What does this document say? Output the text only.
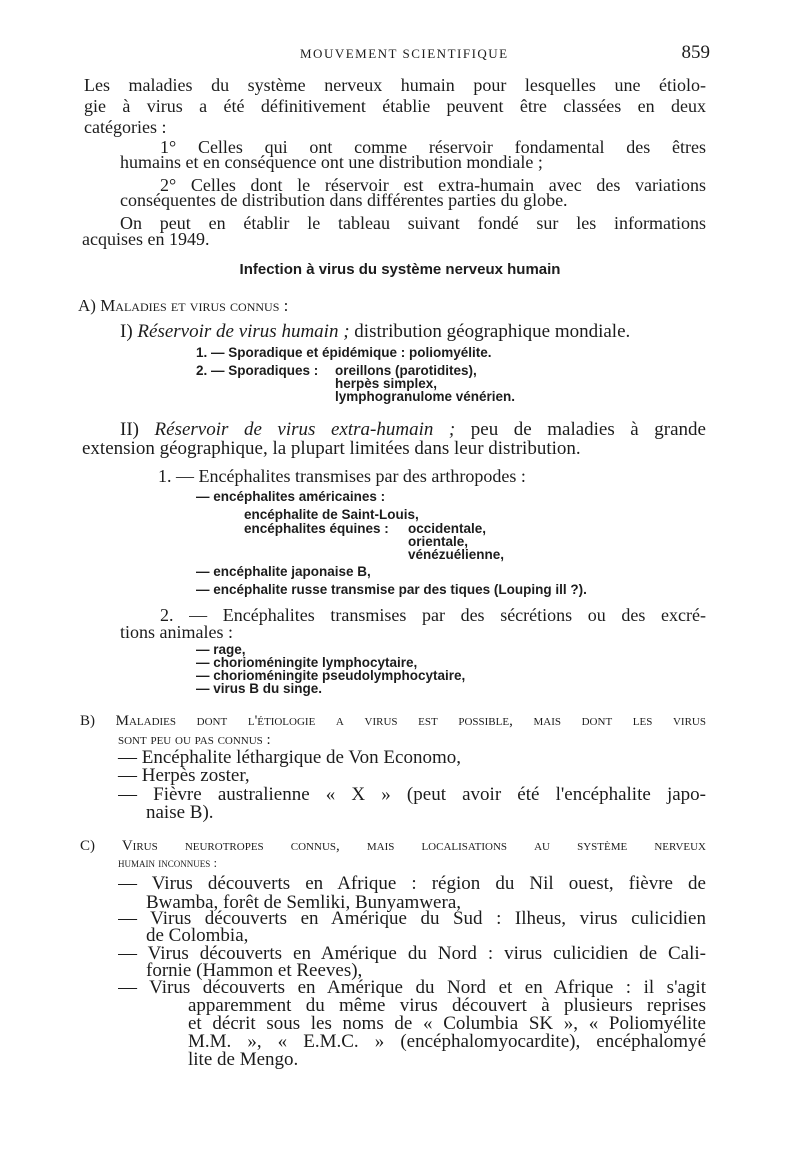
MOUVEMENT SCIENTIFIQUE	859
Les maladies du système nerveux humain pour lesquelles une étiolo-
gie à virus a été définitivement établie peuvent être classées en deux
catégories :
1° Celles qui ont comme réservoir fondamental des êtres
humains et en conséquence ont une distribution mondiale ;
2° Celles dont le réservoir est extra-humain avec des variations
conséquentes de distribution dans différentes parties du globe.
On peut en établir le tableau suivant fondé sur les informations
acquises en 1949.
Infection à virus du système nerveux humain
A) Maladies et virus connus :
I) Réservoir de virus humain ; distribution géographique mondiale.
1. — Sporadique et épidémique : poliomyélite.
2. — Sporadiques : oreillons (parotidites),
herpès simplex,
lymphogranulome vénérien.
II) Réservoir de virus extra-humain ; peu de maladies à grande
extension géographique, la plupart limitées dans leur distribution.
1. — Encéphalites transmises par des arthropodes :
— encéphalites américaines :
encéphalite de Saint-Louis,
encéphalites équines : occidentale,
orientale,
vénézuélienne,
— encéphalite japonaise B,
— encéphalite russe transmise par des tiques (Louping ill ?).
2. — Encéphalites transmises par des sécrétions ou des excré-
tions animales :
— rage,
— chorioméningite lymphocytaire,
— chorioméningite pseudolymphocytaire,
— virus B du singe.
B) Maladies dont l'étiologie a virus est possible, mais dont les virus
sont peu ou pas connus :
— Encéphalite léthargique de Von Economo,
— Herpès zoster,
— Fièvre australienne « X » (peut avoir été l'encéphalite japo-
naise B).
C) Virus neurotropes connus, mais localisations au système nerveux
humain inconnues :
— Virus découverts en Afrique : région du Nil ouest, fièvre de
Bwamba, forêt de Semliki, Bunyamwera,
— Virus découverts en Amérique du Sud : Ilheus, virus culicidien
de Colombia,
— Virus découverts en Amérique du Nord : virus culicidien de Cali-
fornie (Hammon et Reeves),
— Virus découverts en Amérique du Nord et en Afrique : il s'agit
apparemment du même virus découvert à plusieurs reprises
et décrit sous les noms de « Columbia SK », « Poliomyélite
M.M. », « E.M.C. » (encéphalomyocardite), encéphalomyé
lite de Mengo.
